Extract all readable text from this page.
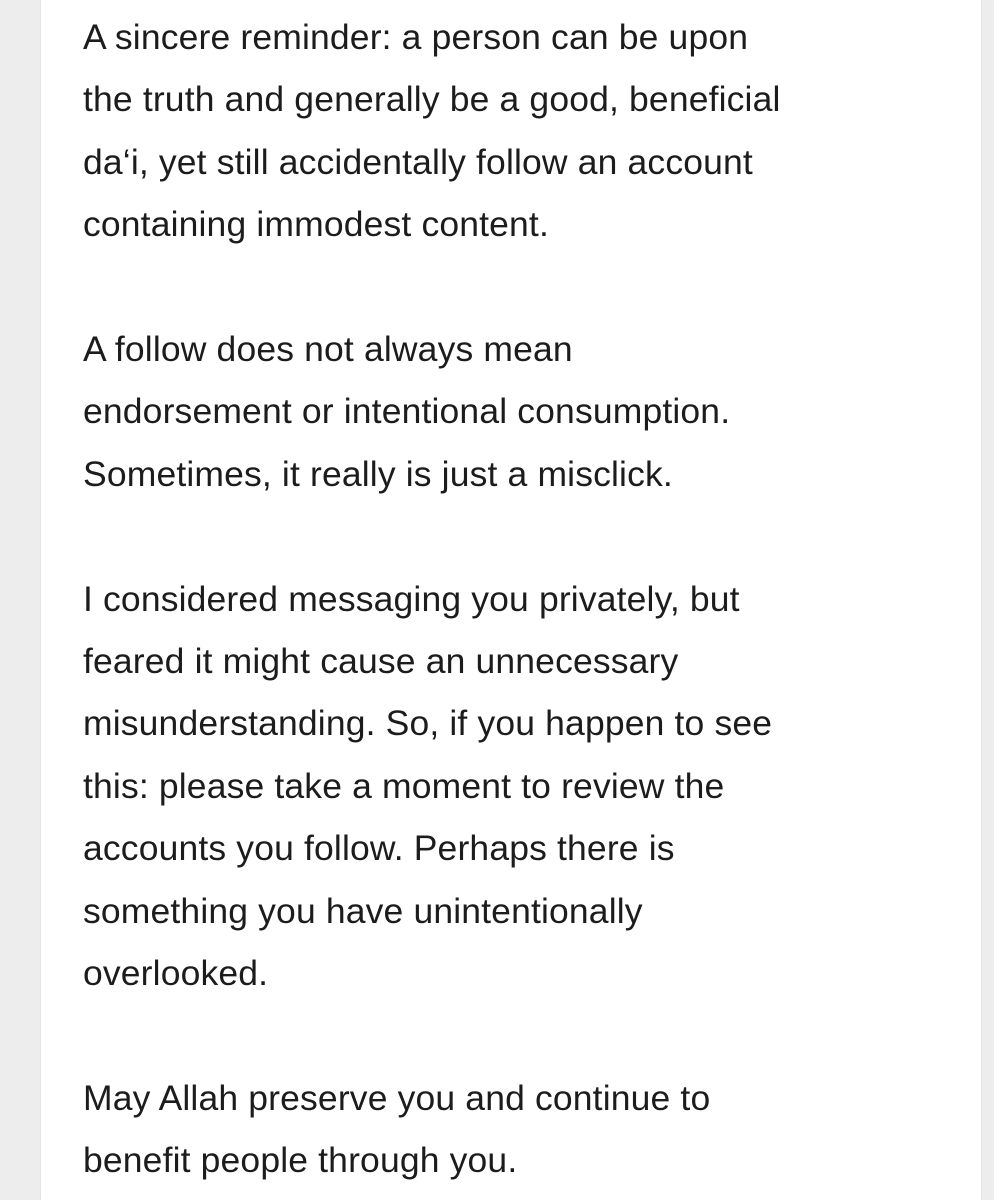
A sincere reminder: a person can be upon
the truth and generally be a good, beneficial
da‘i, yet still accidentally follow an account
containing immodest content.

A follow does not always mean
endorsement or intentional consumption.
Sometimes, it really is just a misclick.

I considered messaging you privately, but
feared it might cause an unnecessary
misunderstanding. So, if you happen to see
this: please take a moment to review the
accounts you follow. Perhaps there is
something you have unintentionally
overlooked.

May Allah preserve you and continue to
benefit people through you.
